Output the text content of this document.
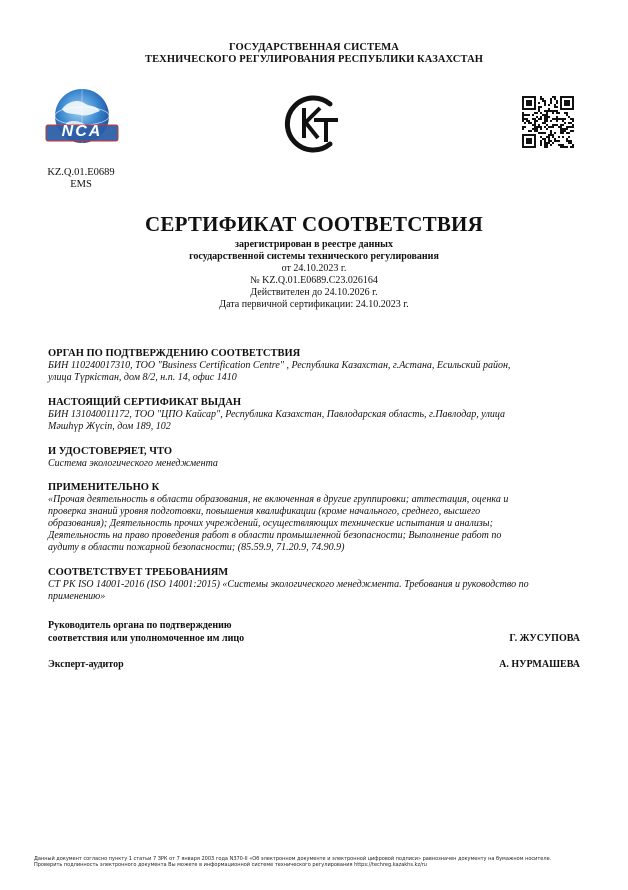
ГОСУДАРСТВЕННАЯ СИСТЕМА
ТЕХНИЧЕСКОГО РЕГУЛИРОВАНИЯ РЕСПУБЛИКИ КАЗАХСТАН
NCA
KZ.Q.01.E0689
EMS
СЕРТИФИКАТ СООТВЕТСТВИЯ
зарегистрирован в реестре данных
государственной системы технического регулирования
от 24.10.2023 г.
№ KZ.Q.01.E0689.C23.026164
Действителен до 24.10.2026 г.
Дата первичной сертификации: 24.10.2023 г.
ОРГАН ПО ПОДТВЕРЖДЕНИЮ СООТВЕТСТВИЯ
БИН 110240017310, ТОО "Business Certification Centre" , Республика Казахстан, г.Астана, Есильский район,
улица Түркістан, дом 8/2, н.п. 14, офис 1410
НАСТОЯЩИЙ СЕРТИФИКАТ ВЫДАН
БИН 131040011172, ТОО "ЦПО Кайсар", Республика Казахстан, Павлодарская область, г.Павлодар, улица
Мәшһүр Жүсіп, дом 189, 102
И УДОСТОВЕРЯЕТ, ЧТО
Система экологического менеджмента
ПРИМЕНИТЕЛЬНО К
«Прочая деятельность в области образования, не включенная в другие группировки; аттестация, оценка и
проверка знаний уровня подготовки, повышения квалификации (кроме начального, среднего, высшего
образования); Деятельность прочих учреждений, осуществляющих технические испытания и анализы;
Деятельность на право проведения работ в области промышленной безопасности; Выполнение работ по
аудиту в области пожарной безопасности; (85.59.9, 71.20.9, 74.90.9)
СООТВЕТСТВУЕТ ТРЕБОВАНИЯМ
СТ РК ISO 14001-2016 (ISO 14001:2015) «Системы экологического менеджмента. Требования и руководство по
применению»
Руководитель органа по подтверждению
соответствия или уполномоченное им лицо	Г. ЖУСУПОВА
Эксперт-аудитор	А. НУРМАШЕВА
Данный документ согласно пункту 1 статьи 7 ЗРК от 7 января 2003 года N370-II «Об электронном документе и электронной цифровой подписи» равнозначен документу на бумажном носителе.
Проверить подлинность электронного документа Вы можете в информационной системе технического регулирования https://techreg.kazakhs.kz/ru
